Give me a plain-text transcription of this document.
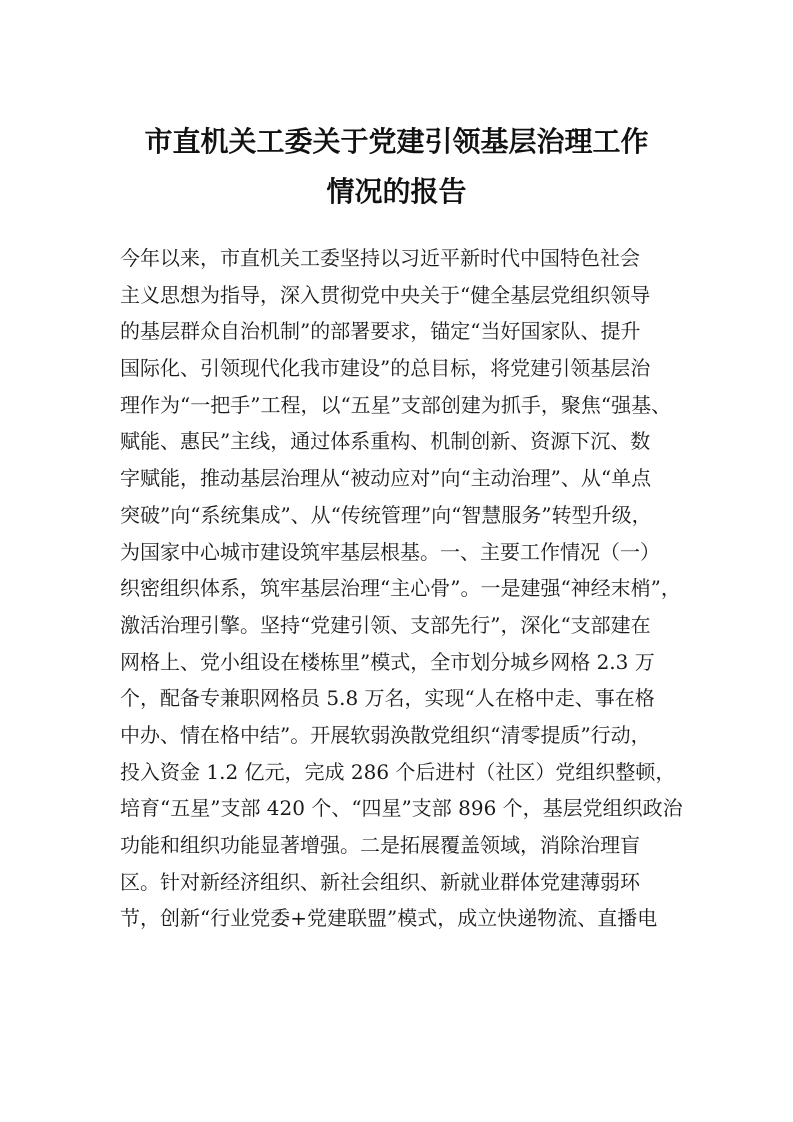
市直机关工委关于党建引领基层治理工作
情况的报告
今年以来，市直机关工委坚持以习近平新时代中国特色社会
主义思想为指导，深入贯彻党中央关于“健全基层党组织领导
的基层群众自治机制”的部署要求，锚定“当好国家队、提升
国际化、引领现代化我市建设”的总目标，将党建引领基层治
理作为“一把手”工程，以“五星”支部创建为抓手，聚焦“强基、
赋能、惠民”主线，通过体系重构、机制创新、资源下沉、数
字赋能，推动基层治理从“被动应对”向“主动治理”、从“单点
突破”向“系统集成”、从“传统管理”向“智慧服务”转型升级，
为国家中心城市建设筑牢基层根基。一、主要工作情况（一）
织密组织体系，筑牢基层治理“主心骨”。一是建强“神经末梢”，
激活治理引擎。坚持“党建引领、支部先行”，深化“支部建在
网格上、党小组设在楼栋里”模式，全市划分城乡网格 2.3 万
个，配备专兼职网格员 5.8 万名，实现“人在格中走、事在格
中办、情在格中结”。开展软弱涣散党组织“清零提质”行动，
投入资金 1.2 亿元，完成 286 个后进村（社区）党组织整顿，
培育“五星”支部 420 个、“四星”支部 896 个，基层党组织政治
功能和组织功能显著增强。二是拓展覆盖领域，消除治理盲
区。针对新经济组织、新社会组织、新就业群体党建薄弱环
节，创新“行业党委+党建联盟”模式，成立快递物流、直播电
